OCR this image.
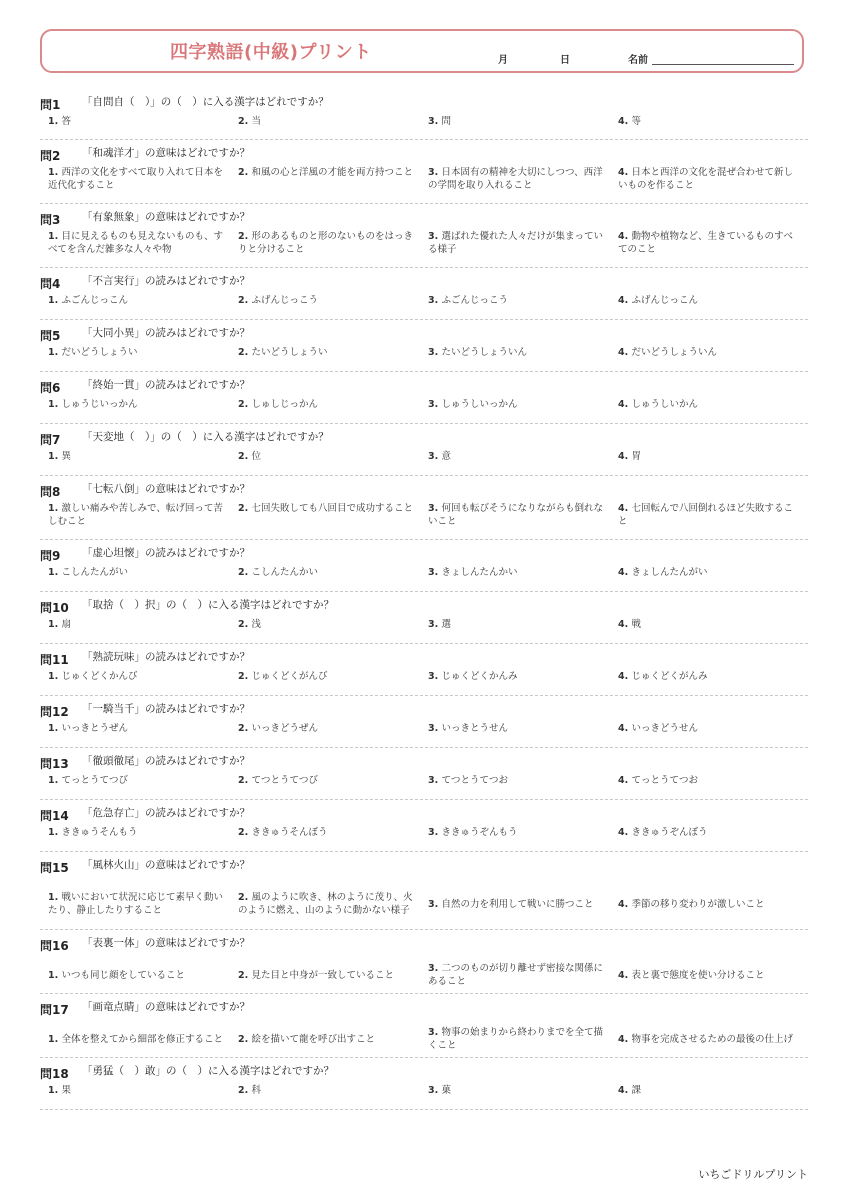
四字熟語(中級)プリント	月	日	名前
問1 「自問自（　）」の（　）に入る漢字はどれですか？
1. 答	2. 当	3. 問	4. 等
問2 「和魂洋才」の意味はどれですか？
1. 西洋の文化をすべて取り入れて日本を近代化すること
2. 和風の心と洋風の才能を両方持つこと	3. 日本固有の精神を大切にしつつ、西洋の学問を取り入れること
4. 日本と西洋の文化を混ぜ合わせて新しいものを作ること
問3 「有象無象」の意味はどれですか？
1. 目に見えるものも見えないものも、すべてを含んだ雑多な人々や物
2. 形のあるものと形のないものをはっきりと分けること
3. 選ばれた優れた人々だけが集まっている様子
4. 動物や植物など、生きているものすべてのこと
問4 「不言実行」の読みはどれですか？
1. ふごんじっこん	2. ふげんじっこう	3. ふごんじっこう	4. ふげんじっこん
問5 「大同小異」の読みはどれですか？
1. だいどうしょうい	2. たいどうしょうい	3. たいどうしょういん	4. だいどうしょういん
問6 「終始一貫」の読みはどれですか？
1. しゅうじいっかん	2. しゅしじっかん	3. しゅうしいっかん	4. しゅうしいかん
問7 「天変地（　）」の（　）に入る漢字はどれですか？
1. 異	2. 位	3. 意	4. 胃
問8 「七転八倒」の意味はどれですか？
1. 激しい痛みや苦しみで、転げ回って苦しむこと
2. 七回失敗しても八回目で成功すること	3. 何回も転びそうになりながらも倒れないこと
4. 七回転んで八回倒れるほど失敗すること
問9 「虚心坦懐」の読みはどれですか？
1. こしんたんがい	2. こしんたんかい	3. きょしんたんかい	4. きょしんたんがい
問10 「取捨（　）択」の（　）に入る漢字はどれですか？
1. 扇	2. 浅	3. 選	4. 戦
問11 「熟読玩味」の読みはどれですか？
1. じゅくどくかんび	2. じゅくどくがんび	3. じゅくどくかんみ	4. じゅくどくがんみ
問12 「一騎当千」の読みはどれですか？
1. いっきとうぜん	2. いっきどうぜん	3. いっきとうせん	4. いっきどうせん
問13 「徹頭徹尾」の読みはどれですか？
1. てっとうてつび	2. てつとうてつび	3. てつとうてつお	4. てっとうてつお
問14 「危急存亡」の読みはどれですか？
1. ききゅうそんもう	2. ききゅうそんぼう	3. ききゅうぞんもう	4. ききゅうぞんぼう
問15 「風林火山」の意味はどれですか？
1. 戦いにおいて状況に応じて素早く動いたり、静止したりすること
2. 風のように吹き、林のように茂り、火のように燃え、山のように動かない様子
3. 自然の力を利用して戦いに勝つこと	4. 季節の移り変わりが激しいこと
問16 「表裏一体」の意味はどれですか？
1. いつも同じ顔をしていること	2. 見た目と中身が一致していること
3. 二つのものが切り離せず密接な関係にあること
4. 表と裏で態度を使い分けること
問17 「画竜点睛」の意味はどれですか？
1. 全体を整えてから細部を修正すること	2. 絵を描いて龍を呼び出すこと
3. 物事の始まりから終わりまでを全て描くこと
4. 物事を完成させるための最後の仕上げ
問18 「勇猛（　）敢」の（　）に入る漢字はどれですか？
1. 果	2. 科	3. 菓	4. 課
いちごドリルプリント
